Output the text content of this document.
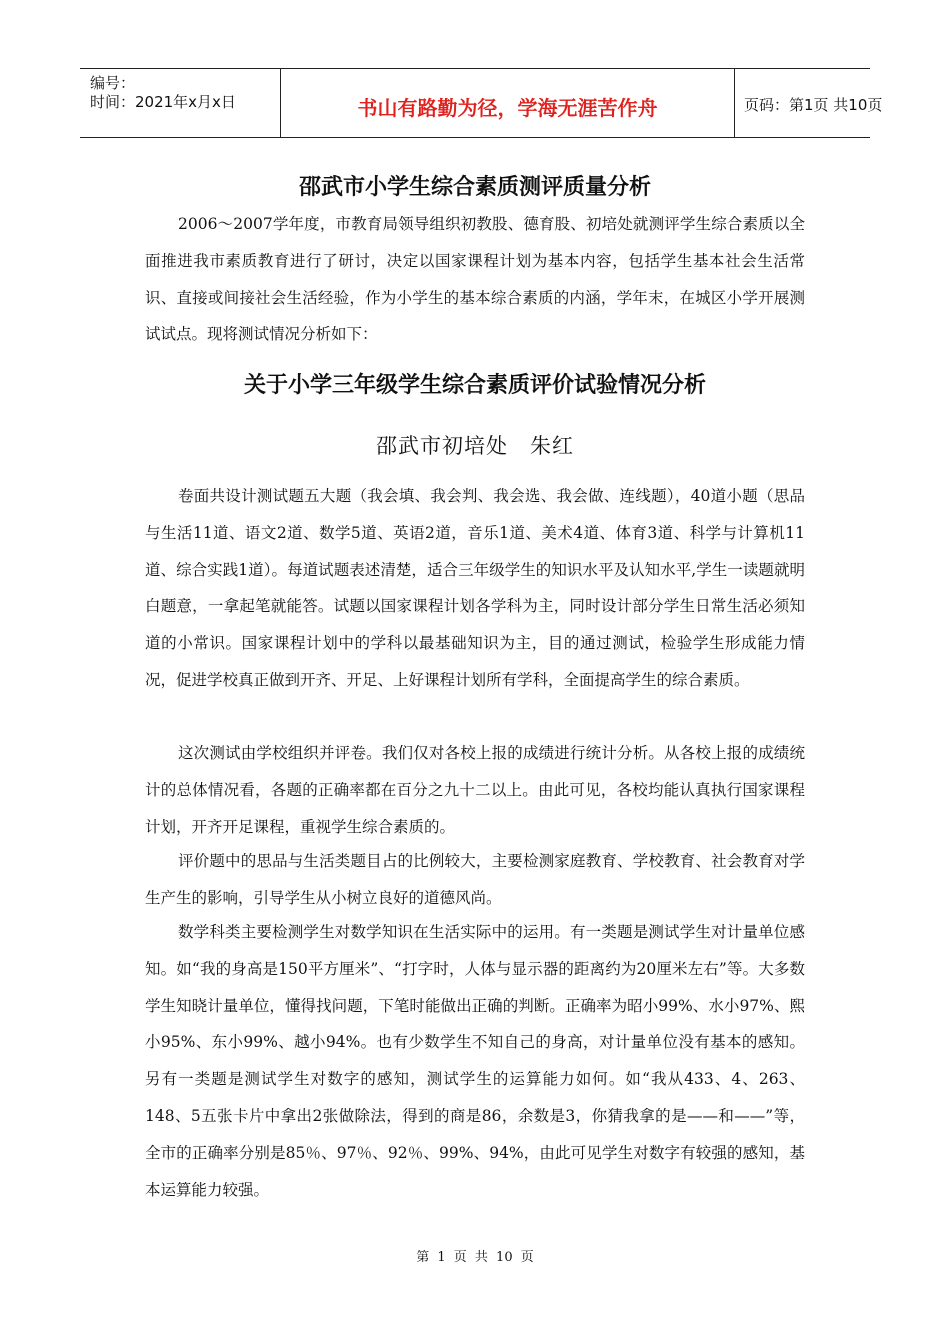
编号：
时间：2021年x月x日	书山有路勤为径，学海无涯苦作舟	页码：第1页 共10页
邵武市小学生综合素质测评质量分析

2006～2007学年度，市教育局领导组织初教股、德育股、初培处就测评学生综合素质以全面推进我市素质教育进行了研讨，决定以国家课程计划为基本内容，包括学生基本社会生活常识、直接或间接社会生活经验，作为小学生的基本综合素质的内涵，学年末，在城区小学开展测试试点。现将测试情况分析如下：

关于小学三年级学生综合素质评价试验情况分析
邵武市初培处　朱红

卷面共设计测试题五大题（我会填、我会判、我会选、我会做、连线题），40道小题（思品与生活11道、语文2道、数学5道、英语2道，音乐1道、美术4道、体育3道、科学与计算机11道、综合实践1道）。每道试题表述清楚，适合三年级学生的知识水平及认知水平,学生一读题就明白题意，一拿起笔就能答。试题以国家课程计划各学科为主，同时设计部分学生日常生活必须知道的小常识。国家课程计划中的学科以最基础知识为主，目的通过测试，检验学生形成能力情况，促进学校真正做到开齐、开足、上好课程计划所有学科，全面提高学生的综合素质。

这次测试由学校组织并评卷。我们仅对各校上报的成绩进行统计分析。从各校上报的成绩统计的总体情况看，各题的正确率都在百分之九十二以上。由此可见，各校均能认真执行国家课程计划，开齐开足课程，重视学生综合素质的。

评价题中的思品与生活类题目占的比例较大，主要检测家庭教育、学校教育、社会教育对学生产生的影响，引导学生从小树立良好的道德风尚。

数学科类主要检测学生对数学知识在生活实际中的运用。有一类题是测试学生对计量单位感知。如“我的身高是150平方厘米”、“打字时，人体与显示器的距离约为20厘米左右”等。大多数学生知晓计量单位，懂得找问题，下笔时能做出正确的判断。正确率为昭小99%、水小97%、熙小95%、东小99%、越小94%。也有少数学生不知自己的身高，对计量单位没有基本的感知。另有一类题是测试学生对数字的感知，测试学生的运算能力如何。如“我从433、4、263、148、5五张卡片中拿出2张做除法，得到的商是86，余数是3，你猜我拿的是——和——”等，全市的正确率分别是85％、97％、92％、99%、94%，由此可见学生对数字有较强的感知，基本运算能力较强。

第 1 页 共 10 页
